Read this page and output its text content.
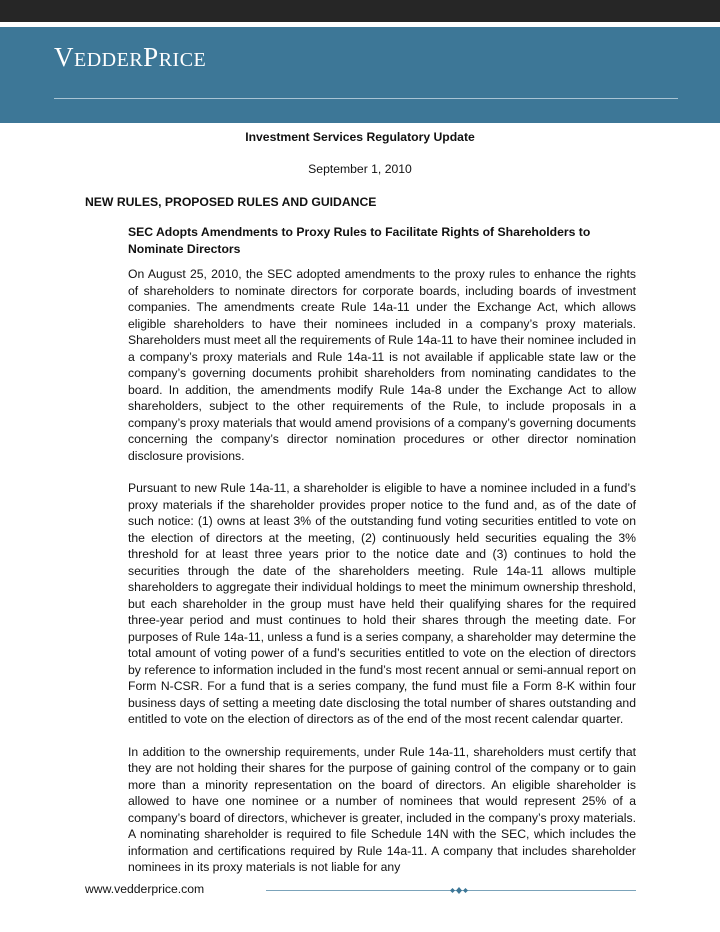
VEDDERPRICE
Investment Services Regulatory Update
September 1, 2010
NEW RULES, PROPOSED RULES AND GUIDANCE
SEC Adopts Amendments to Proxy Rules to Facilitate Rights of Shareholders to Nominate Directors

On August 25, 2010, the SEC adopted amendments to the proxy rules to enhance the rights of shareholders to nominate directors for corporate boards, including boards of investment companies. The amendments create Rule 14a-11 under the Exchange Act, which allows eligible shareholders to have their nominees included in a company’s proxy materials. Shareholders must meet all the requirements of Rule 14a-11 to have their nominee included in a company’s proxy materials and Rule 14a-11 is not available if applicable state law or the company’s governing documents prohibit shareholders from nominating candidates to the board. In addition, the amendments modify Rule 14a-8 under the Exchange Act to allow shareholders, subject to the other requirements of the Rule, to include proposals in a company’s proxy materials that would amend provisions of a company’s governing documents concerning the company’s director nomination procedures or other director nomination disclosure provisions.

Pursuant to new Rule 14a-11, a shareholder is eligible to have a nominee included in a fund’s proxy materials if the shareholder provides proper notice to the fund and, as of the date of such notice: (1) owns at least 3% of the outstanding fund voting securities entitled to vote on the election of directors at the meeting, (2) continuously held securities equaling the 3% threshold for at least three years prior to the notice date and (3) continues to hold the securities through the date of the shareholders meeting. Rule 14a-11 allows multiple shareholders to aggregate their individual holdings to meet the minimum ownership threshold, but each shareholder in the group must have held their qualifying shares for the required three-year period and must continues to hold their shares through the meeting date. For purposes of Rule 14a-11, unless a fund is a series company, a shareholder may determine the total amount of voting power of a fund’s securities entitled to vote on the election of directors by reference to information included in the fund’s most recent annual or semi-annual report on Form N-CSR. For a fund that is a series company, the fund must file a Form 8-K within four business days of setting a meeting date disclosing the total number of shares outstanding and entitled to vote on the election of directors as of the end of the most recent calendar quarter.

In addition to the ownership requirements, under Rule 14a-11, shareholders must certify that they are not holding their shares for the purpose of gaining control of the company or to gain more than a minority representation on the board of directors. An eligible shareholder is allowed to have one nominee or a number of nominees that would represent 25% of a company’s board of directors, whichever is greater, included in the company’s proxy materials. A nominating shareholder is required to file Schedule 14N with the SEC, which includes the information and certifications required by Rule 14a-11. A company that includes shareholder nominees in its proxy materials is not liable for any

www.vedderprice.com
